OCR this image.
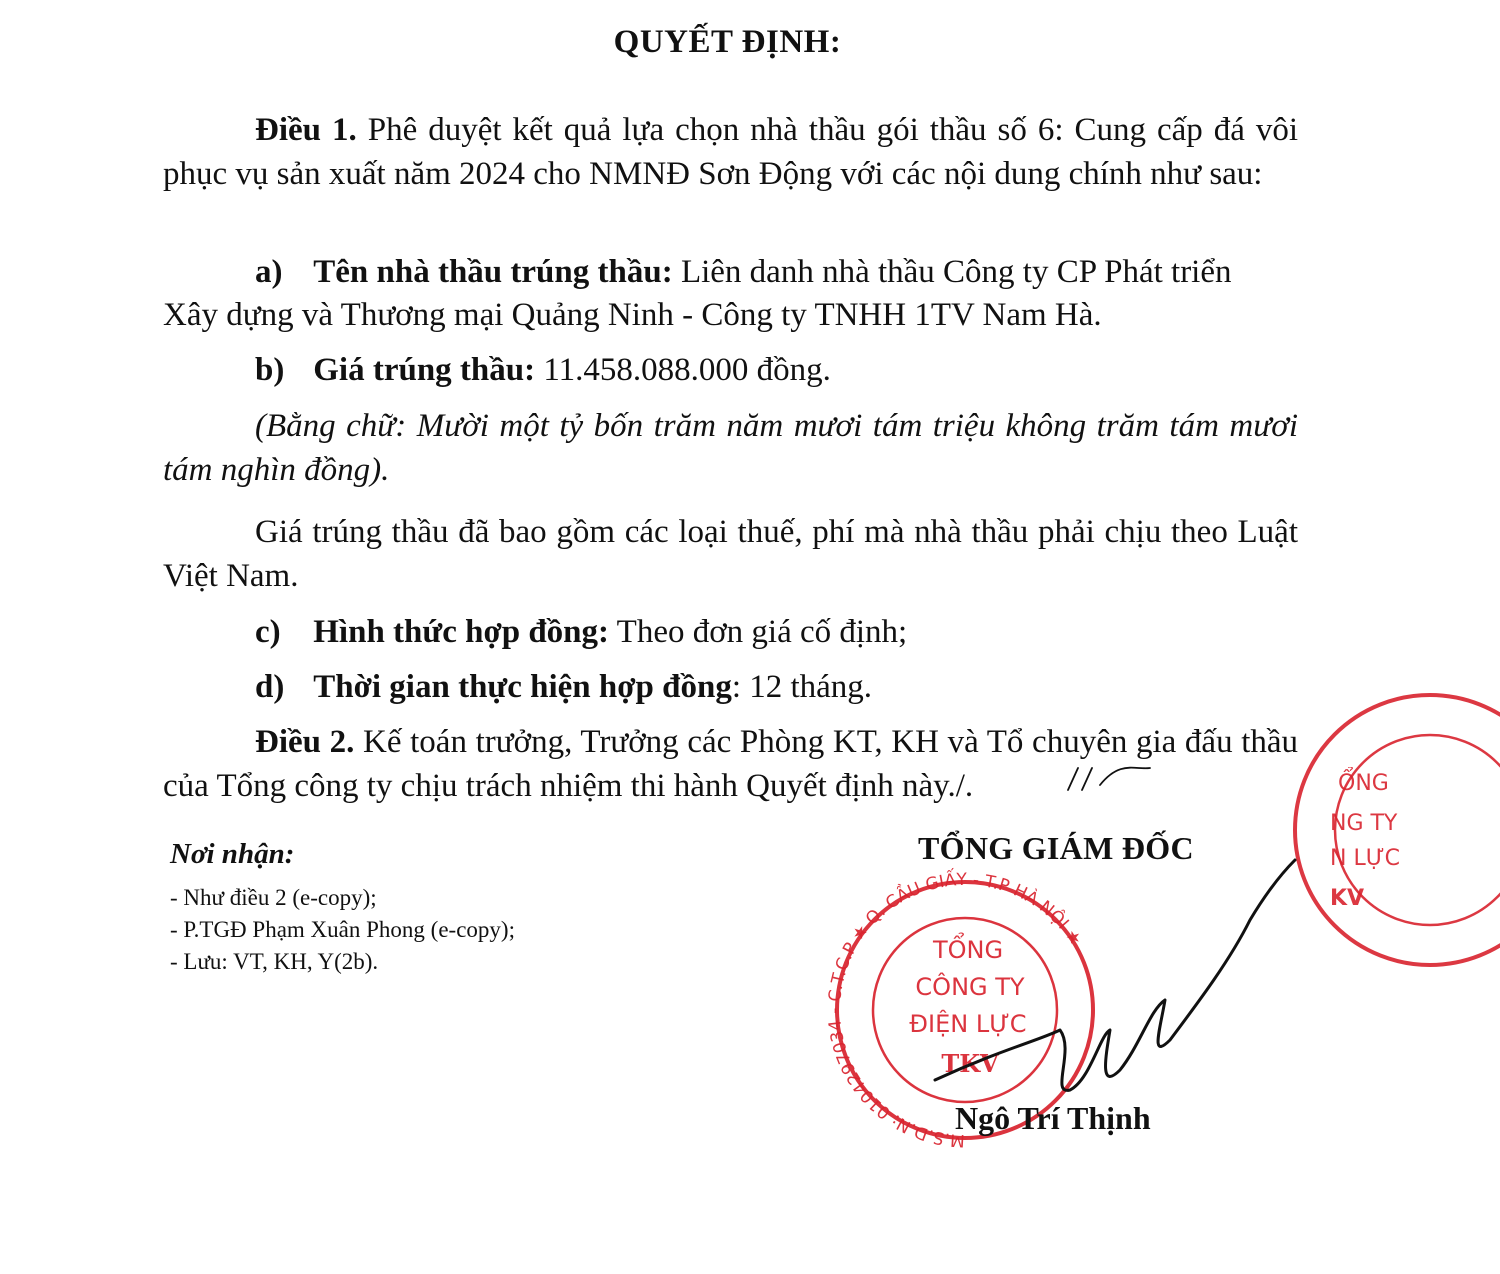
QUYẾT ĐỊNH:
Điều 1. Phê duyệt kết quả lựa chọn nhà thầu gói thầu số 6: Cung cấp đá vôi phục vụ sản xuất năm 2024 cho NMNĐ Sơn Động với các nội dung chính như sau:
a) Tên nhà thầu trúng thầu: Liên danh nhà thầu Công ty CP Phát triển
Xây dựng và Thương mại Quảng Ninh - Công ty TNHH 1TV Nam Hà.
b) Giá trúng thầu: 11.458.088.000 đồng.
(Bằng chữ: Mười một tỷ bốn trăm năm mươi tám triệu không trăm tám mươi tám nghìn đồng).
Giá trúng thầu đã bao gồm các loại thuế, phí mà nhà thầu phải chịu theo Luật Việt Nam.
c) Hình thức hợp đồng: Theo đơn giá cố định;
d) Thời gian thực hiện hợp đồng: 12 tháng.
Điều 2. Kế toán trưởng, Trưởng các Phòng KT, KH và Tổ chuyên gia đấu thầu của Tổng công ty chịu trách nhiệm thi hành Quyết định này./.
Nơi nhận:
- Như điều 2 (e-copy);
- P.TGĐ Phạm Xuân Phong (e-copy);
- Lưu: VT, KH, Y(2b).
TỔNG GIÁM ĐỐC
ỔNG
NG TY
N LỰC
KV
M.S.D.N: 0104297034 - C.T.C.P ★ Q. CẦU GIẤY - T.P HÀ NỘI ★
TỔNG
CÔNG TY
ĐIỆN LỰC
TKV
Ngô Trí Thịnh
